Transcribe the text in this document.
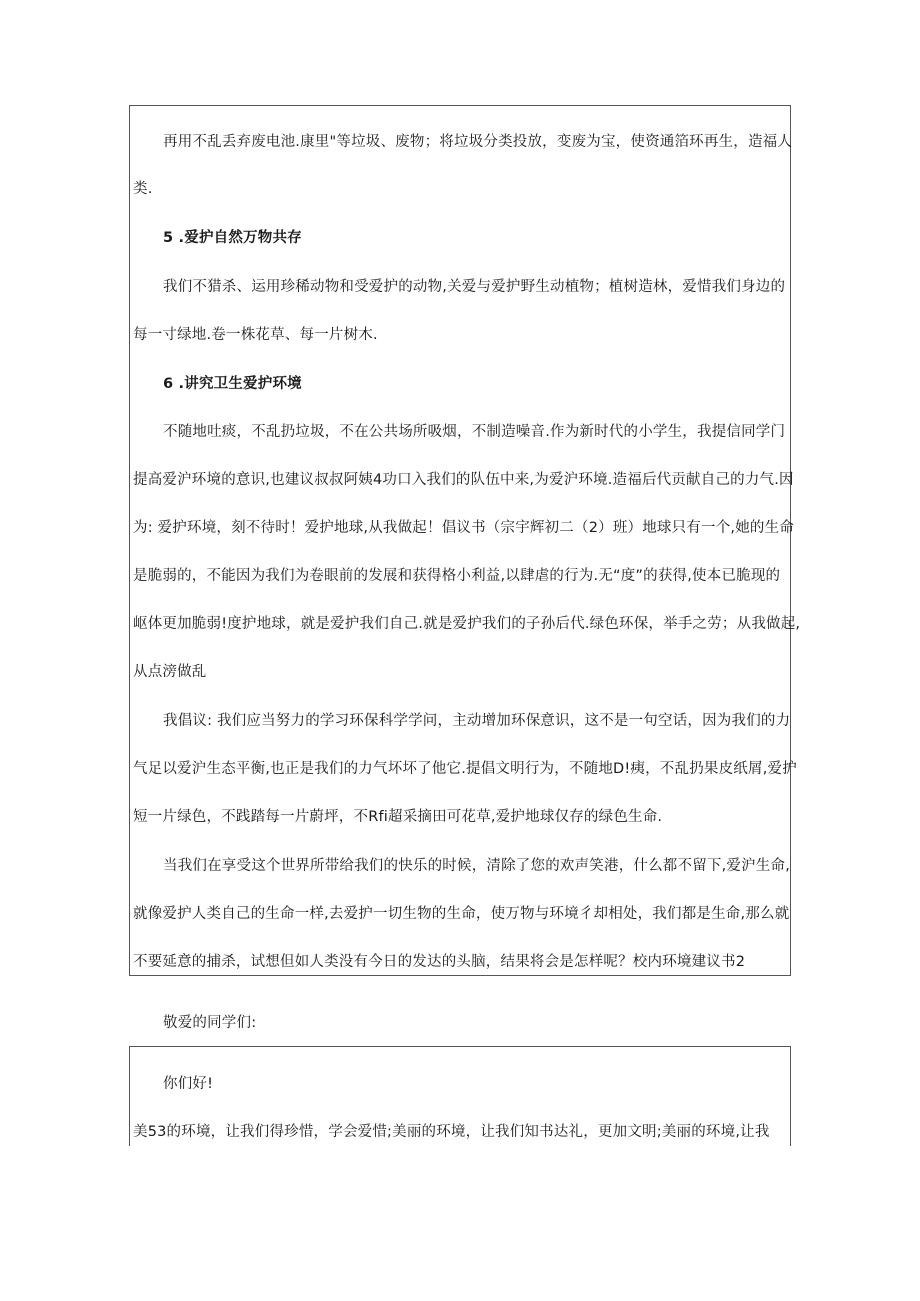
再用不乱丢弃废电池.康里"等垃圾、废物；将垃圾分类投放，变废为宝，使资通箔环再生，造福人
类.
5 .爱护自然万物共存
我们不猎杀、运用珍稀动物和受爱护的动物,关爱与爱护野生动植物；植树造林，爱惜我们身边的
每一寸绿地.卷一株花草、每一片树木.
6 .讲究卫生爱护环境
不随地吐痰，不乱扔垃圾，不在公共场所吸烟，不制造噪音.作为新时代的小学生，我提信同学门
提高爱沪环境的意识,也建议叔叔阿姨4功口入我们的队伍中来,为爱沪环境.造福后代贡献自己的力气.因
为: 爱护环境，刻不待时！爱护地球,从我做起！倡议书（宗宇辉初二（2）班）地球只有一个,她的生命
是脆弱的，不能因为我们为卷眼前的发展和获得格小利益,以肆虐的行为.无“度”的获得,使本已脆现的
岖体更加脆弱!度护地球，就是爱护我们自己.就是爱护我们的子孙后代.绿色环保，举手之劳；从我做起,
从点滂做乱
我倡议: 我们应当努力的学习环保科学学问，主动增加环保意识，这不是一句空话，因为我们的力
气足以爱沪生态平衡,也正是我们的力气坏坏了他它.提倡文明行为，不随地D!痍，不乱扔果皮纸屑,爱护
短一片绿色，不践踏每一片蔚坪，不Rfi超采摘田可花草,爱护地球仅存的绿色生命.
当我们在享受这个世界所带给我们的快乐的时候，清除了您的欢声笑港，什么都不留下,爱沪生命,
就像爱护人类自己的生命一样,去爱护一切生物的生命，使万物与环境彳却相处，我们都是生命,那么就
不要延意的捕杀，试想但如人类没有今日的发达的头脑，结果将会是怎样呢？校内环境建议书2
敬爱的同学们:
你们好!
美53的环境，让我们得珍惜，学会爱惜;美丽的环境，让我们知书达礼，更加文明;美丽的环境,让我
